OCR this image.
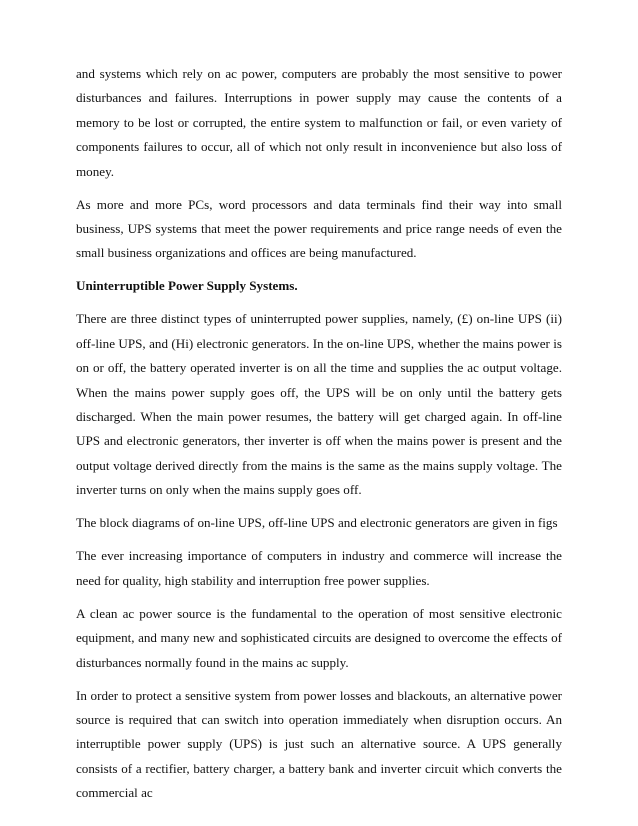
and systems which rely on ac power, computers are probably the most sensitive to power disturbances and failures. Interruptions in power supply may cause the contents of a memory to be lost or corrupted, the entire system to malfunction or fail, or even variety of components failures to occur, all of which not only result in inconvenience but also loss of money.

As more and more PCs, word processors and data terminals find their way into small business, UPS systems that meet the power requirements and price range needs of even the small business organizations and offices are being manufactured.

Uninterruptible Power Supply Systems.

There are three distinct types of uninterrupted power supplies, namely, (£) on-line UPS (ii) off-line UPS, and (Hi) electronic generators. In the on-line UPS, whether the mains power is on or off, the battery operated inverter is on all the time and supplies the ac output voltage. When the mains power supply goes off, the UPS will be on only until the battery gets discharged. When the main power resumes, the battery will get charged again. In off-line UPS and electronic generators, ther inverter is off when the mains power is present and the output voltage derived directly from the mains is the same as the mains supply voltage. The inverter turns on only when the mains supply goes off.

The block diagrams of on-line UPS, off-line UPS and electronic generators are given in figs

The ever increasing importance of computers in industry and commerce will increase the need for quality, high stability and interruption free power supplies.

A clean ac power source is the fundamental to the operation of most sensitive electronic equipment, and many new and sophisticated circuits are designed to overcome the effects of disturbances normally found in the mains ac supply.

In order to protect a sensitive system from power losses and blackouts, an alternative power source is required that can switch into operation immediately when disruption occurs. An interruptible power supply (UPS) is just such an alternative source. A UPS generally consists of a rectifier, battery charger, a battery bank and inverter circuit which converts the commercial ac
